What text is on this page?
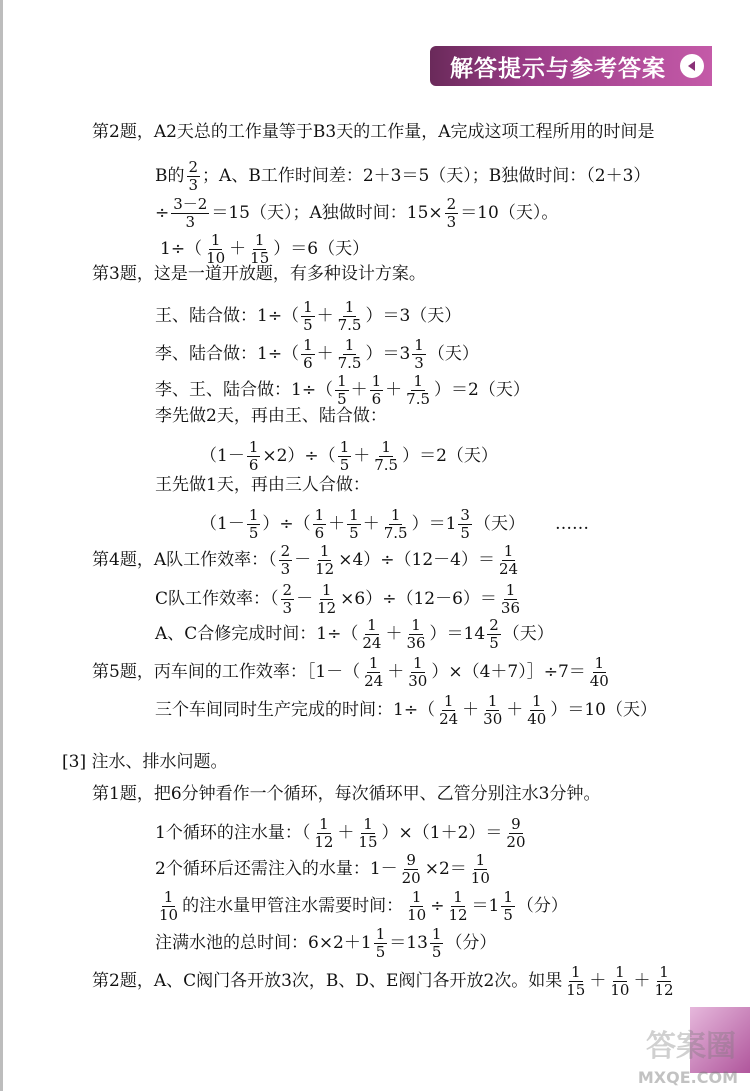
解答提示与参考答案
第2题，A2天总的工作量等于B3天的工作量，A完成这项工程所用的时间是
B的 $\frac{2}{3}$ ；A、B工作时间差：2＋3＝5（天）；B独做时间：（2＋3）
÷ $\frac{3-2}{3} =15$（天）；A独做时间：$15\times \frac{2}{3} =10$（天）。
$1\div( \frac{1}{10} + \frac{1}{15} )=6$（天）
第3题，这是一道开放题，有多种设计方案。
王、陆合做：$1\div( \frac{1}{5} + \frac{1}{7.5} )=3$（天）
李、陆合做：$1\div( \frac{1}{6} + \frac{1}{7.5} )=3 \frac{1}{3}$ （天）
李、王、陆合做：$1\div( \frac{1}{5} + \frac{1}{6} + \frac{1}{7.5} )=2$（天）
李先做2天，再由王、陆合做：
$(1- \frac{1}{6} \times 2)\div( \frac{1}{5} + \frac{1}{7.5} )=2$（天）
王先做1天，再由三人合做：
（$1- \frac{1}{5}$ ）÷（ $\frac{1}{6} + \frac{1}{5} + \frac{1}{7.5} )=1 \frac{3}{5}$ （天） ……
第4题，A队工作效率：（ $\frac{2}{3} - \frac{1}{12} \times 4)\div(12-4)= \frac{1}{24}$
C队工作效率：（ $\frac{2}{3} - \frac{1}{12} \times 6)\div(12-6)= \frac{1}{36}$
A、C合修完成时间：$1\div( \frac{1}{24} + \frac{1}{36} )=14 \frac{2}{5}$ （天）
第5题，丙车间的工作效率：［1－（ $\frac{1}{24} + \frac{1}{30}$ ）×（4＋7）］÷7＝ $\frac{1}{40}$
三个车间同时生产完成的时间：$1\div( \frac{1}{24} + \frac{1}{30} + \frac{1}{40} )=10$（天）
[3] 注水、排水问题。
第1题，把6分钟看作一个循环，每次循环甲、乙管分别注水3分钟。
1个循环的注水量：（ $\frac{1}{12} + \frac{1}{15} )\times(1+2)= \frac{9}{20}$
2个循环后还需注入的水量：$1- \frac{9}{20} \times 2= \frac{1}{10}$
$\frac{1}{10}$ 的注水量甲管注水需要时间： $\frac{1}{10} \div \frac{1}{12} =1 \frac{1}{5}$ （分）
注满水池的总时间：$6\times 2+1 \frac{1}{5} =13 \frac{1}{5}$ （分）
第2题，A、C阀门各开放3次，B、D、E阀门各开放2次。如果 $\frac{1}{15} + \frac{1}{10} + \frac{1}{12}$
答案圈
MXQE.COM
